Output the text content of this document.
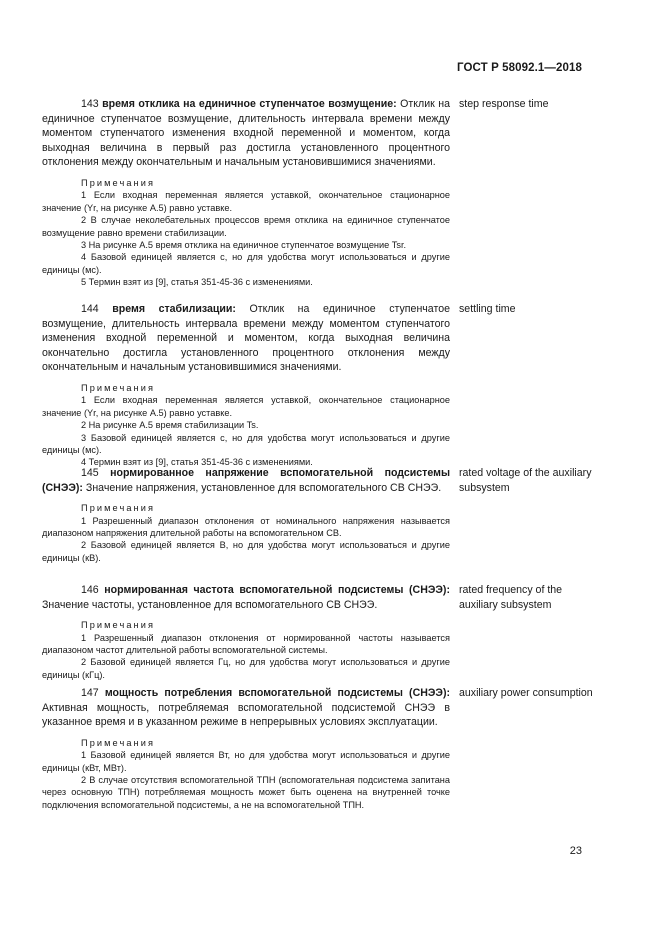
ГОСТ Р 58092.1—2018

143 время отклика на единичное ступенчатое возмущение: Отклик на единичное ступенчатое возмущение, длительность интервала времени между моментом ступенчатого изменения входной переменной и моментом, когда выходная величина в первый раз достигла установленного процентного отклонения между окончательным и начальным установившимися значениями.

step response time
Примечания
1 Если входная переменная является уставкой, окончательное стационарное значение (Yr, на рисунке А.5) равно уставке.
2 В случае неколебательных процессов время отклика на единичное ступенчатое возмущение равно времени стабилизации.
3 На рисунке А.5 время отклика на единичное ступенчатое возмущение Tsr.
4 Базовой единицей является с, но для удобства могут использоваться и другие единицы (мс).
5 Термин взят из [9], статья 351-45-36 с изменениями.

144 время стабилизации: Отклик на единичное ступенчатое возмущение, длительность интервала времени между моментом ступенчатого изменения входной переменной и моментом, когда выходная величина окончательно достигла установленного процентного отклонения между окончательным и начальным установившимися значениями.

settling time
Примечания
1 Если входная переменная является уставкой, окончательное стационарное значение (Yr, на рисунке А.5) равно уставке.
2 На рисунке А.5 время стабилизации Ts.
3 Базовой единицей является с, но для удобства могут использоваться и другие единицы (мс).
4 Термин взят из [9], статья 351-45-36 с изменениями.

145 нормированное напряжение вспомогательной подсистемы (СНЭЭ): Значение напряжения, установленное для вспомогательного СВ СНЭЭ.

rated voltage of the auxiliary subsystem
Примечания
1 Разрешенный диапазон отклонения от номинального напряжения называется диапазоном напряжения длительной работы на вспомогательном СВ.
2 Базовой единицей является В, но для удобства могут использоваться и другие единицы (кВ).

146 нормированная частота вспомогательной подсистемы (СНЭЭ): Значение частоты, установленное для вспомогательного СВ СНЭЭ.

rated frequency of the auxiliary subsystem
Примечания
1 Разрешенный диапазон отклонения от нормированной частоты называется диапазоном частот длительной работы вспомогательной системы.
2 Базовой единицей является Гц, но для удобства могут использоваться и другие единицы (кГц).

147 мощность потребления вспомогательной подсистемы (СНЭЭ): Активная мощность, потребляемая вспомогательной подсистемой СНЭЭ в указанное время и в указанном режиме в непрерывных условиях эксплуатации.

auxiliary power consumption
Примечания
1 Базовой единицей является Вт, но для удобства могут использоваться и другие единицы (кВт, МВт).
2 В случае отсутствия вспомогательной ТПН (вспомогательная подсистема запитана через основную ТПН) потребляемая мощность может быть оценена на внутренней точке подключения вспомогательной подсистемы, а не на вспомогательной ТПН.
23
